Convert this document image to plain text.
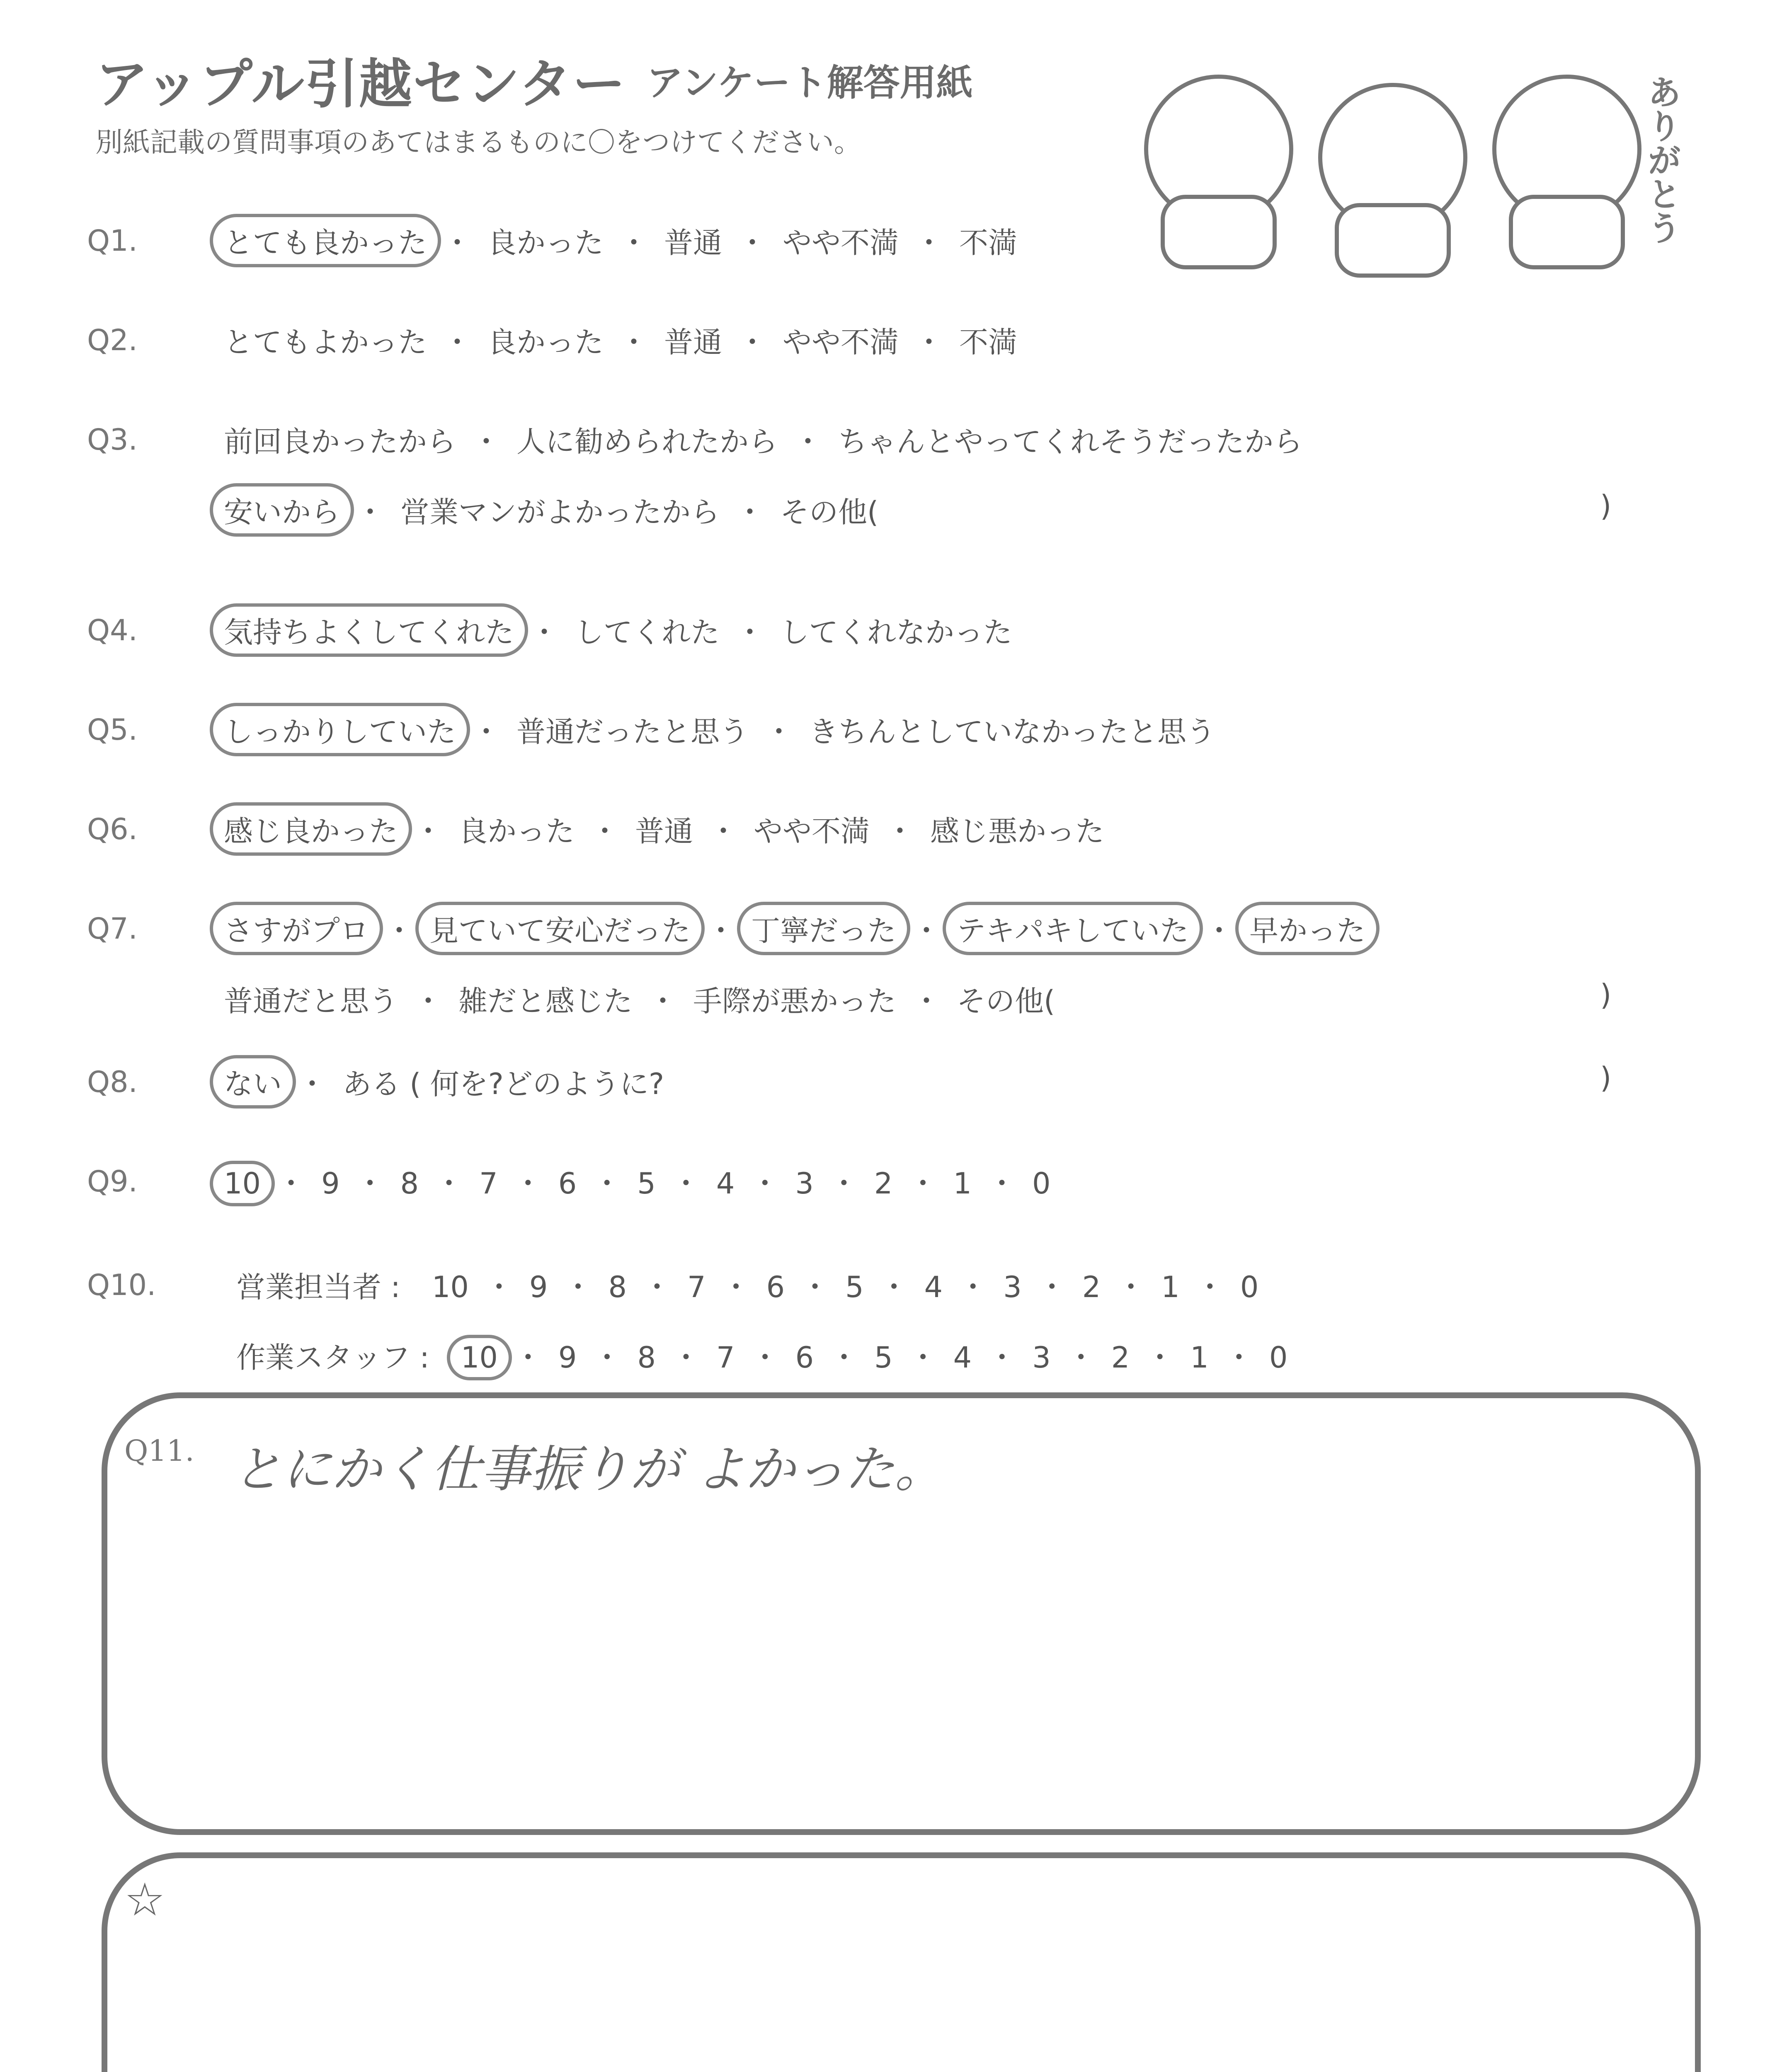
アップル引越センター アンケート解答用紙
別紙記載の質問事項のあてはまるものに〇をつけてください。	ありがとう
Q1.	とても良かった ・ 良かった ・ 普通 ・ やや不満 ・ 不満
Q2.	とてもよかった ・ 良かった ・ 普通 ・ やや不満 ・ 不満
Q3.	前回良かったから ・ 人に勧められたから ・ ちゃんとやってくれそうだったから
安いから ・ 営業マンがよかったから ・ その他(	)
Q4.	気持ちよくしてくれた ・ してくれた ・ してくれなかった
Q5.	しっかりしていた ・ 普通だったと思う ・ きちんとしていなかったと思う
Q6.	感じ良かった ・ 良かった ・ 普通 ・ やや不満 ・ 感じ悪かった
Q7.	さすがプロ ・ 見ていて安心だった ・ 丁寧だった ・ テキパキしていた ・ 早かった
普通だと思う ・ 雑だと感じた ・ 手際が悪かった ・ その他(	)
Q8.	ない ・ ある ( 何を?どのように?	)
Q9.	10 ・ 9 ・ 8 ・ 7 ・ 6 ・ 5 ・ 4 ・ 3 ・ 2 ・ 1 ・ 0
Q10.	営業担当者 : 10 ・ 9 ・ 8 ・ 7 ・ 6 ・ 5 ・ 4 ・ 3 ・ 2 ・ 1 ・ 0
作業スタッフ : 10 ・ 9 ・ 8 ・ 7 ・ 6 ・ 5 ・ 4 ・ 3 ・ 2 ・ 1 ・ 0
Q11. とにかく仕事振りが よかった。
☆
